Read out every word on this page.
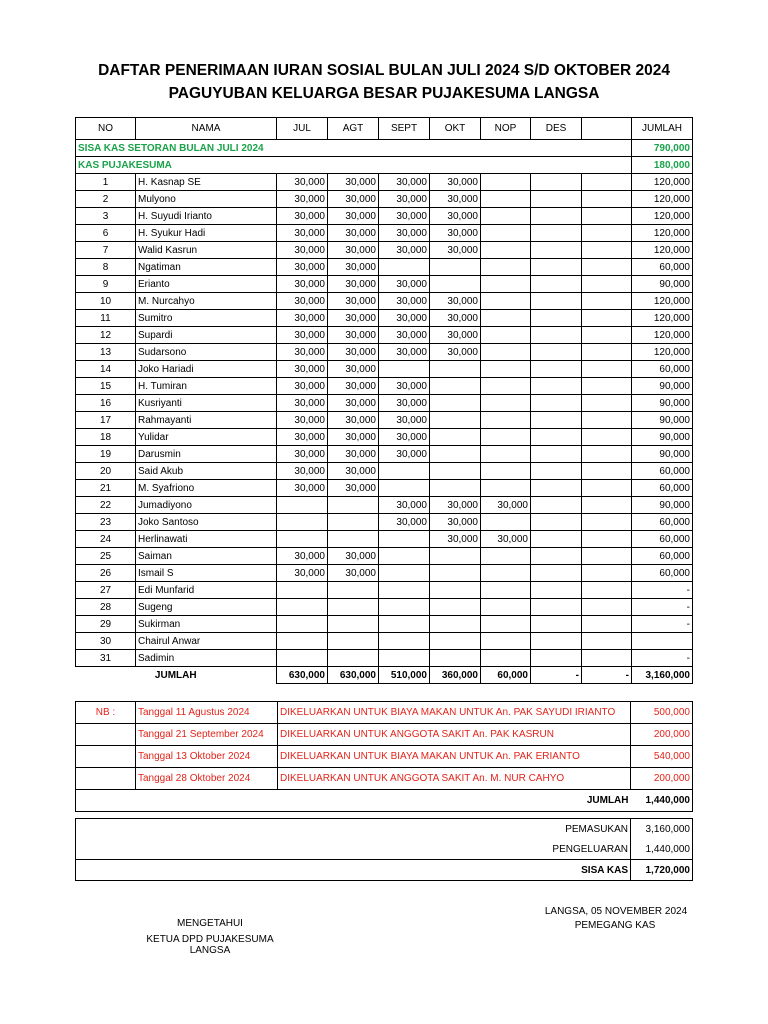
DAFTAR PENERIMAAN IURAN SOSIAL BULAN JULI 2024 S/D OKTOBER 2024
PAGUYUBAN KELUARGA BESAR PUJAKESUMA LANGSA
NO	NAMA	JUL	AGT	SEPT	OKT	NOP	DES		JUMLAH
SISA KAS SETORAN BULAN JULI 2024									790,000
KAS PUJAKESUMA									180,000
1	H. Kasnap SE	30,000	30,000	30,000	30,000				120,000
2	Mulyono	30,000	30,000	30,000	30,000				120,000
3	H. Suyudi Irianto	30,000	30,000	30,000	30,000				120,000
6	H. Syukur Hadi	30,000	30,000	30,000	30,000				120,000
7	Walid Kasrun	30,000	30,000	30,000	30,000				120,000
8	Ngatiman	30,000	30,000						60,000
9	Erianto	30,000	30,000	30,000					90,000
10	M. Nurcahyo	30,000	30,000	30,000	30,000				120,000
11	Sumitro	30,000	30,000	30,000	30,000				120,000
12	Supardi	30,000	30,000	30,000	30,000				120,000
13	Sudarsono	30,000	30,000	30,000	30,000				120,000
14	Joko Hariadi	30,000	30,000						60,000
15	H. Tumiran	30,000	30,000	30,000					90,000
16	Kusriyanti	30,000	30,000	30,000					90,000
17	Rahmayanti	30,000	30,000	30,000					90,000
18	Yulidar	30,000	30,000	30,000					90,000
19	Darusmin	30,000	30,000	30,000					90,000
20	Said Akub	30,000	30,000						60,000
21	M. Syafriono	30,000	30,000						60,000
22	Jumadiyono			30,000	30,000	30,000			90,000
23	Joko Santoso			30,000	30,000				60,000
24	Herlinawati				30,000	30,000			60,000
25	Saiman	30,000	30,000						60,000
26	Ismail S	30,000	30,000						60,000
27	Edi Munfarid								-
28	Sugeng								-
29	Sukirman								-
30	Chairul Anwar								
31	Sadimin								-
JUMLAH		630,000	630,000	510,000	360,000	60,000	-	-	3,160,000
NB :	Tanggal 11 Agustus 2024	DIKELUARKAN UNTUK BIAYA MAKAN UNTUK An. PAK SAYUDI IRIANTO	500,000
	Tanggal 21 September 2024	DIKELUARKAN UNTUK ANGGOTA SAKIT An. PAK KASRUN	200,000
	Tanggal 13 Oktober 2024	DIKELUARKAN UNTUK BIAYA MAKAN UNTUK An. PAK ERIANTO	540,000
	Tanggal 28 Oktober 2024	DIKELUARKAN UNTUK ANGGOTA SAKIT An. M. NUR CAHYO	200,000
JUMLAH	1,440,000

PEMASUKAN	3,160,000
PENGELUARAN	1,440,000
SISA KAS	1,720,000
MENGETAHUI
KETUA DPD PUJAKESUMA LANGSA
LANGSA, 05 NOVEMBER 2024
PEMEGANG KAS
